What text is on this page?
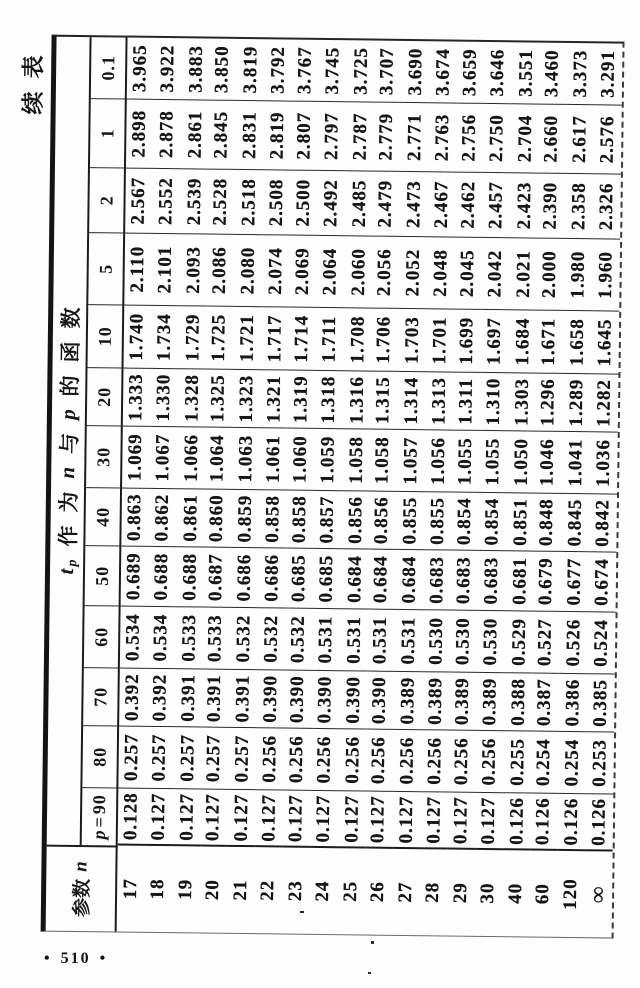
续表
参数
n
t
p
作
为
n
与
p
的
函
数
p
=
90
80
70
60
50
40
30
20
10
5
2
1
0.1
17
0.128
0.257
0.392
0.534
0.689
0.863
1.069
1.333
1.740
2.110
2.567
2.898
3.965
18
0.127
0.257
0.392
0.534
0.688
0.862
1.067
1.330
1.734
2.101
2.552
2.878
3.922
19
0.127
0.257
0.391
0.533
0.688
0.861
1.066
1.328
1.729
2.093
2.539
2.861
3.883
20
0.127
0.257
0.391
0.533
0.687
0.860
1.064
1.325
1.725
2.086
2.528
2.845
3.850
21
0.127
0.257
0.391
0.532
0.686
0.859
1.063
1.323
1.721
2.080
2.518
2.831
3.819
22
0.127
0.256
0.390
0.532
0.686
0.858
1.061
1.321
1.717
2.074
2.508
2.819
3.792
23
0.127
0.256
0.390
0.532
0.685
0.858
1.060
1.319
1.714
2.069
2.500
2.807
3.767
24
0.127
0.256
0.390
0.531
0.685
0.857
1.059
1.318
1.711
2.064
2.492
2.797
3.745
25
0.127
0.256
0.390
0.531
0.684
0.856
1.058
1.316
1.708
2.060
2.485
2.787
3.725
26
0.127
0.256
0.390
0.531
0.684
0.856
1.058
1.315
1.706
2.056
2.479
2.779
3.707
27
0.127
0.256
0.389
0.531
0.684
0.855
1.057
1.314
1.703
2.052
2.473
2.771
3.690
28
0.127
0.256
0.389
0.530
0.683
0.855
1.056
1.313
1.701
2.048
2.467
2.763
3.674
29
0.127
0.256
0.389
0.530
0.683
0.854
1.055
1.311
1.699
2.045
2.462
2.756
3.659
30
0.127
0.256
0.389
0.530
0.683
0.854
1.055
1.310
1.697
2.042
2.457
2.750
3.646
40
0.126
0.255
0.388
0.529
0.681
0.851
1.050
1.303
1.684
2.021
2.423
2.704
3.551
60
0.126
0.254
0.387
0.527
0.679
0.848
1.046
1.296
1.671
2.000
2.390
2.660
3.460
120
0.126
0.254
0.386
0.526
0.677
0.845
1.041
1.289
1.658
1.980
2.358
2.617
3.373
∞
0.126
0.253
0.385
0.524
0.674
0.842
1.036
1.282
1.645
1.960
2.326
2.576
3.291
• 510 •
